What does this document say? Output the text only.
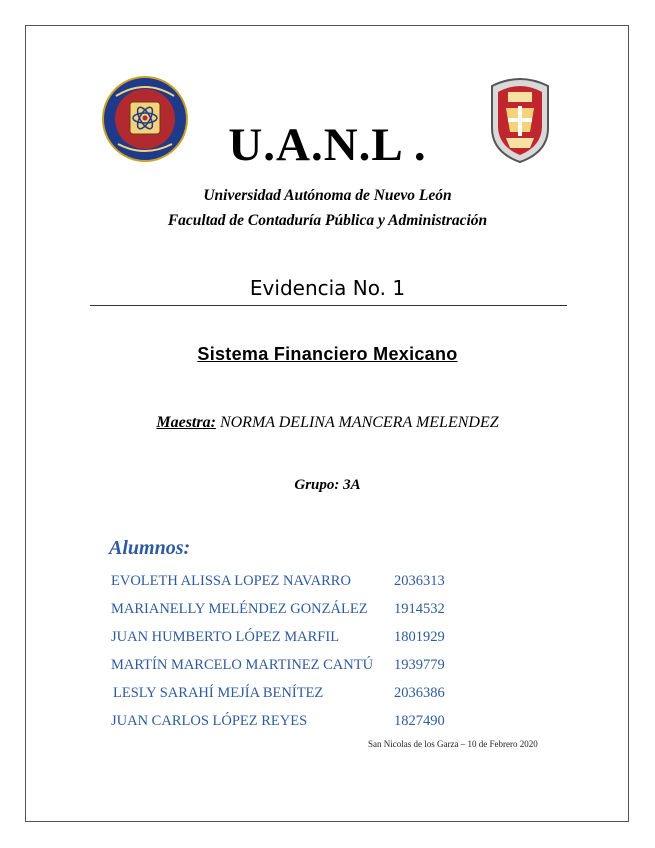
U.A.N.L .
Universidad Autónoma de Nuevo León
Facultad de Contaduría Pública y Administración
Evidencia No. 1
Sistema Financiero Mexicano
Maestra: NORMA DELINA MANCERA MELENDEZ
Grupo: 3A
Alumnos:
EVOLETH ALISSA LOPEZ NAVARRO	2036313
MARIANELLY MELÉNDEZ GONZÁLEZ 1914532
JUAN HUMBERTO LÓPEZ MARFIL	1801929
MARTÍN MARCELO MARTINEZ CANTÚ 1939779
LESLY SARAHÍ MEJÍA BENÍTEZ	2036386
JUAN CARLOS LÓPEZ REYES	1827490
San Nicolas de los Garza – 10 de Febrero 2020
